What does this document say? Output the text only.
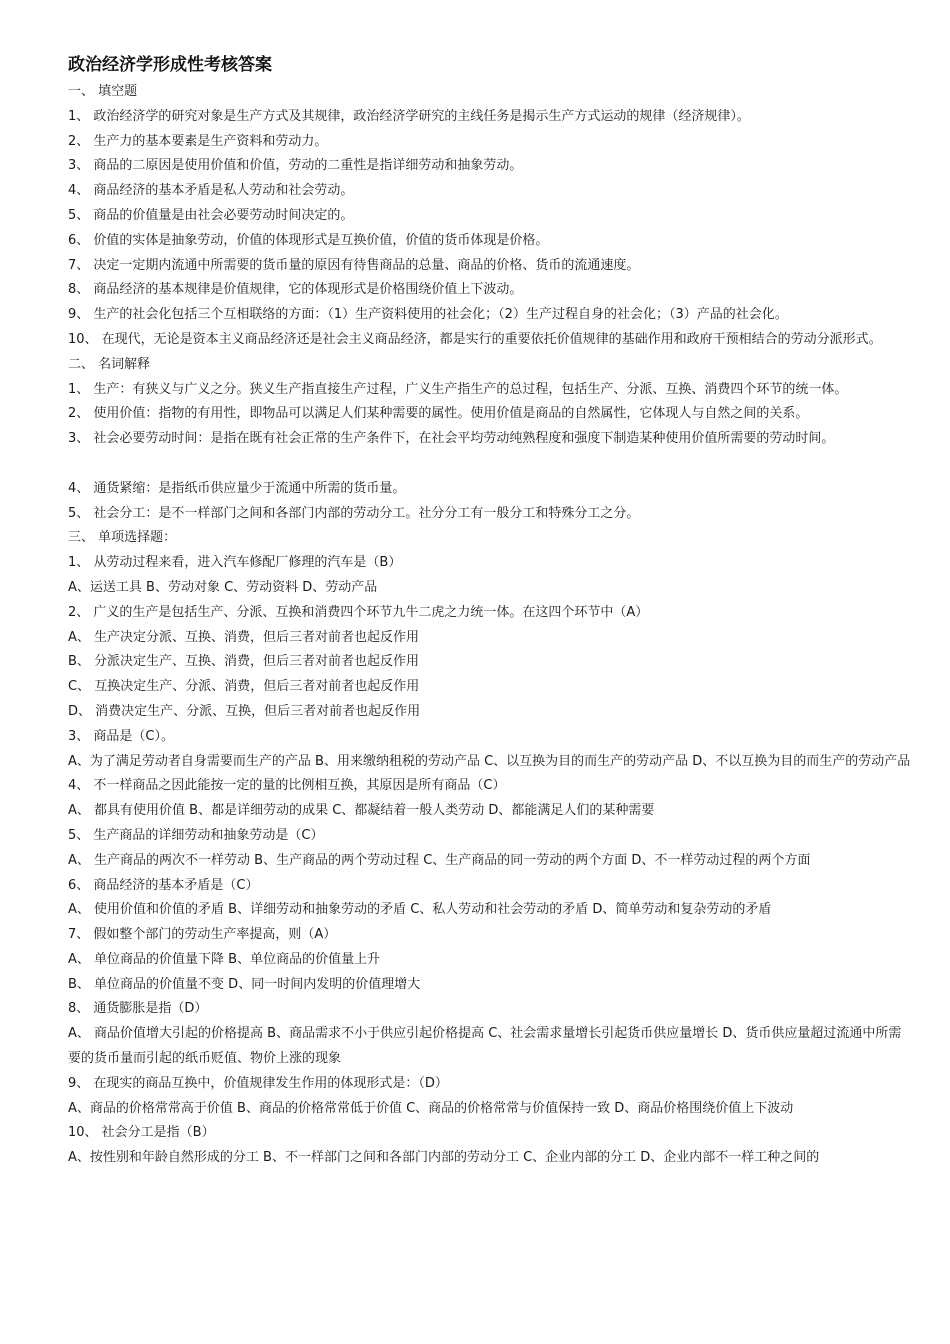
政治经济学形成性考核答案
一、 填空题
1、 政治经济学的研究对象是生产方式及其规律，政治经济学研究的主线任务是揭示生产方式运动的规律（经济规律）。
2、 生产力的基本要素是生产资料和劳动力。
3、 商品的二原因是使用价值和价值，劳动的二重性是指详细劳动和抽象劳动。
4、 商品经济的基本矛盾是私人劳动和社会劳动。
5、 商品的价值量是由社会必要劳动时间决定的。
6、 价值的实体是抽象劳动，价值的体现形式是互换价值，价值的货币体现是价格。
7、 决定一定期内流通中所需要的货币量的原因有待售商品的总量、商品的价格、货币的流通速度。
8、 商品经济的基本规律是价值规律，它的体现形式是价格围绕价值上下波动。
9、 生产的社会化包括三个互相联络的方面：（1）生产资料使用的社会化；（2）生产过程自身的社会化；（3）产品的社会化。
10、 在现代，无论是资本主义商品经济还是社会主义商品经济，都是实行的重要依托价值规律的基础作用和政府干预相结合的劳动分派形式。
二、 名词解释
1、 生产：有狭义与广义之分。狭义生产指直接生产过程，广义生产指生产的总过程，包括生产、分派、互换、消费四个环节的统一体。
2、 使用价值：指物的有用性，即物品可以满足人们某种需要的属性。使用价值是商品的自然属性，它体现人与自然之间的关系。
3、 社会必要劳动时间：是指在既有社会正常的生产条件下，在社会平均劳动纯熟程度和强度下制造某种使用价值所需要的劳动时间。
4、 通货紧缩：是指纸币供应量少于流通中所需的货币量。
5、 社会分工：是不一样部门之间和各部门内部的劳动分工。社分分工有一般分工和特殊分工之分。
三、 单项选择题：
1、 从劳动过程来看，进入汽车修配厂修理的汽车是（B）
A、运送工具 B、劳动对象 C、劳动资料 D、劳动产品
2、 广义的生产是包括生产、分派、互换和消费四个环节九牛二虎之力统一体。在这四个环节中（A）
A、 生产决定分派、互换、消费，但后三者对前者也起反作用
B、 分派决定生产、互换、消费，但后三者对前者也起反作用
C、 互换决定生产、分派、消费，但后三者对前者也起反作用
D、 消费决定生产、分派、互换，但后三者对前者也起反作用
3、 商品是（C）。
A、为了满足劳动者自身需要而生产的产品 B、用来缴纳租税的劳动产品 C、以互换为目的而生产的劳动产品 D、不以互换为目的而生产的劳动产品
4、 不一样商品之因此能按一定的量的比例相互换，其原因是所有商品（C）
A、 都具有使用价值 B、都是详细劳动的成果 C、都凝结着一般人类劳动 D、都能满足人们的某种需要
5、 生产商品的详细劳动和抽象劳动是（C）
A、 生产商品的两次不一样劳动 B、生产商品的两个劳动过程 C、生产商品的同一劳动的两个方面 D、不一样劳动过程的两个方面
6、 商品经济的基本矛盾是（C）
A、 使用价值和价值的矛盾 B、详细劳动和抽象劳动的矛盾 C、私人劳动和社会劳动的矛盾 D、简单劳动和复杂劳动的矛盾
7、 假如整个部门的劳动生产率提高，则（A）
A、 单位商品的价值量下降 B、单位商品的价值量上升
B、 单位商品的价值量不变 D、同一时间内发明的价值理增大
8、 通货膨胀是指（D）
A、 商品价值增大引起的价格提高 B、商品需求不小于供应引起价格提高 C、社会需求量增长引起货币供应量增长 D、货币供应量超过流通中所需要的货币量而引起的纸币贬值、物价上涨的现象
9、 在现实的商品互换中，价值规律发生作用的体现形式是：（D）
A、商品的价格常常高于价值 B、商品的价格常常低于价值 C、商品的价格常常与价值保持一致 D、商品价格围绕价值上下波动
10、 社会分工是指（B）
A、按性别和年龄自然形成的分工 B、不一样部门之间和各部门内部的劳动分工 C、企业内部的分工 D、企业内部不一样工种之间的
